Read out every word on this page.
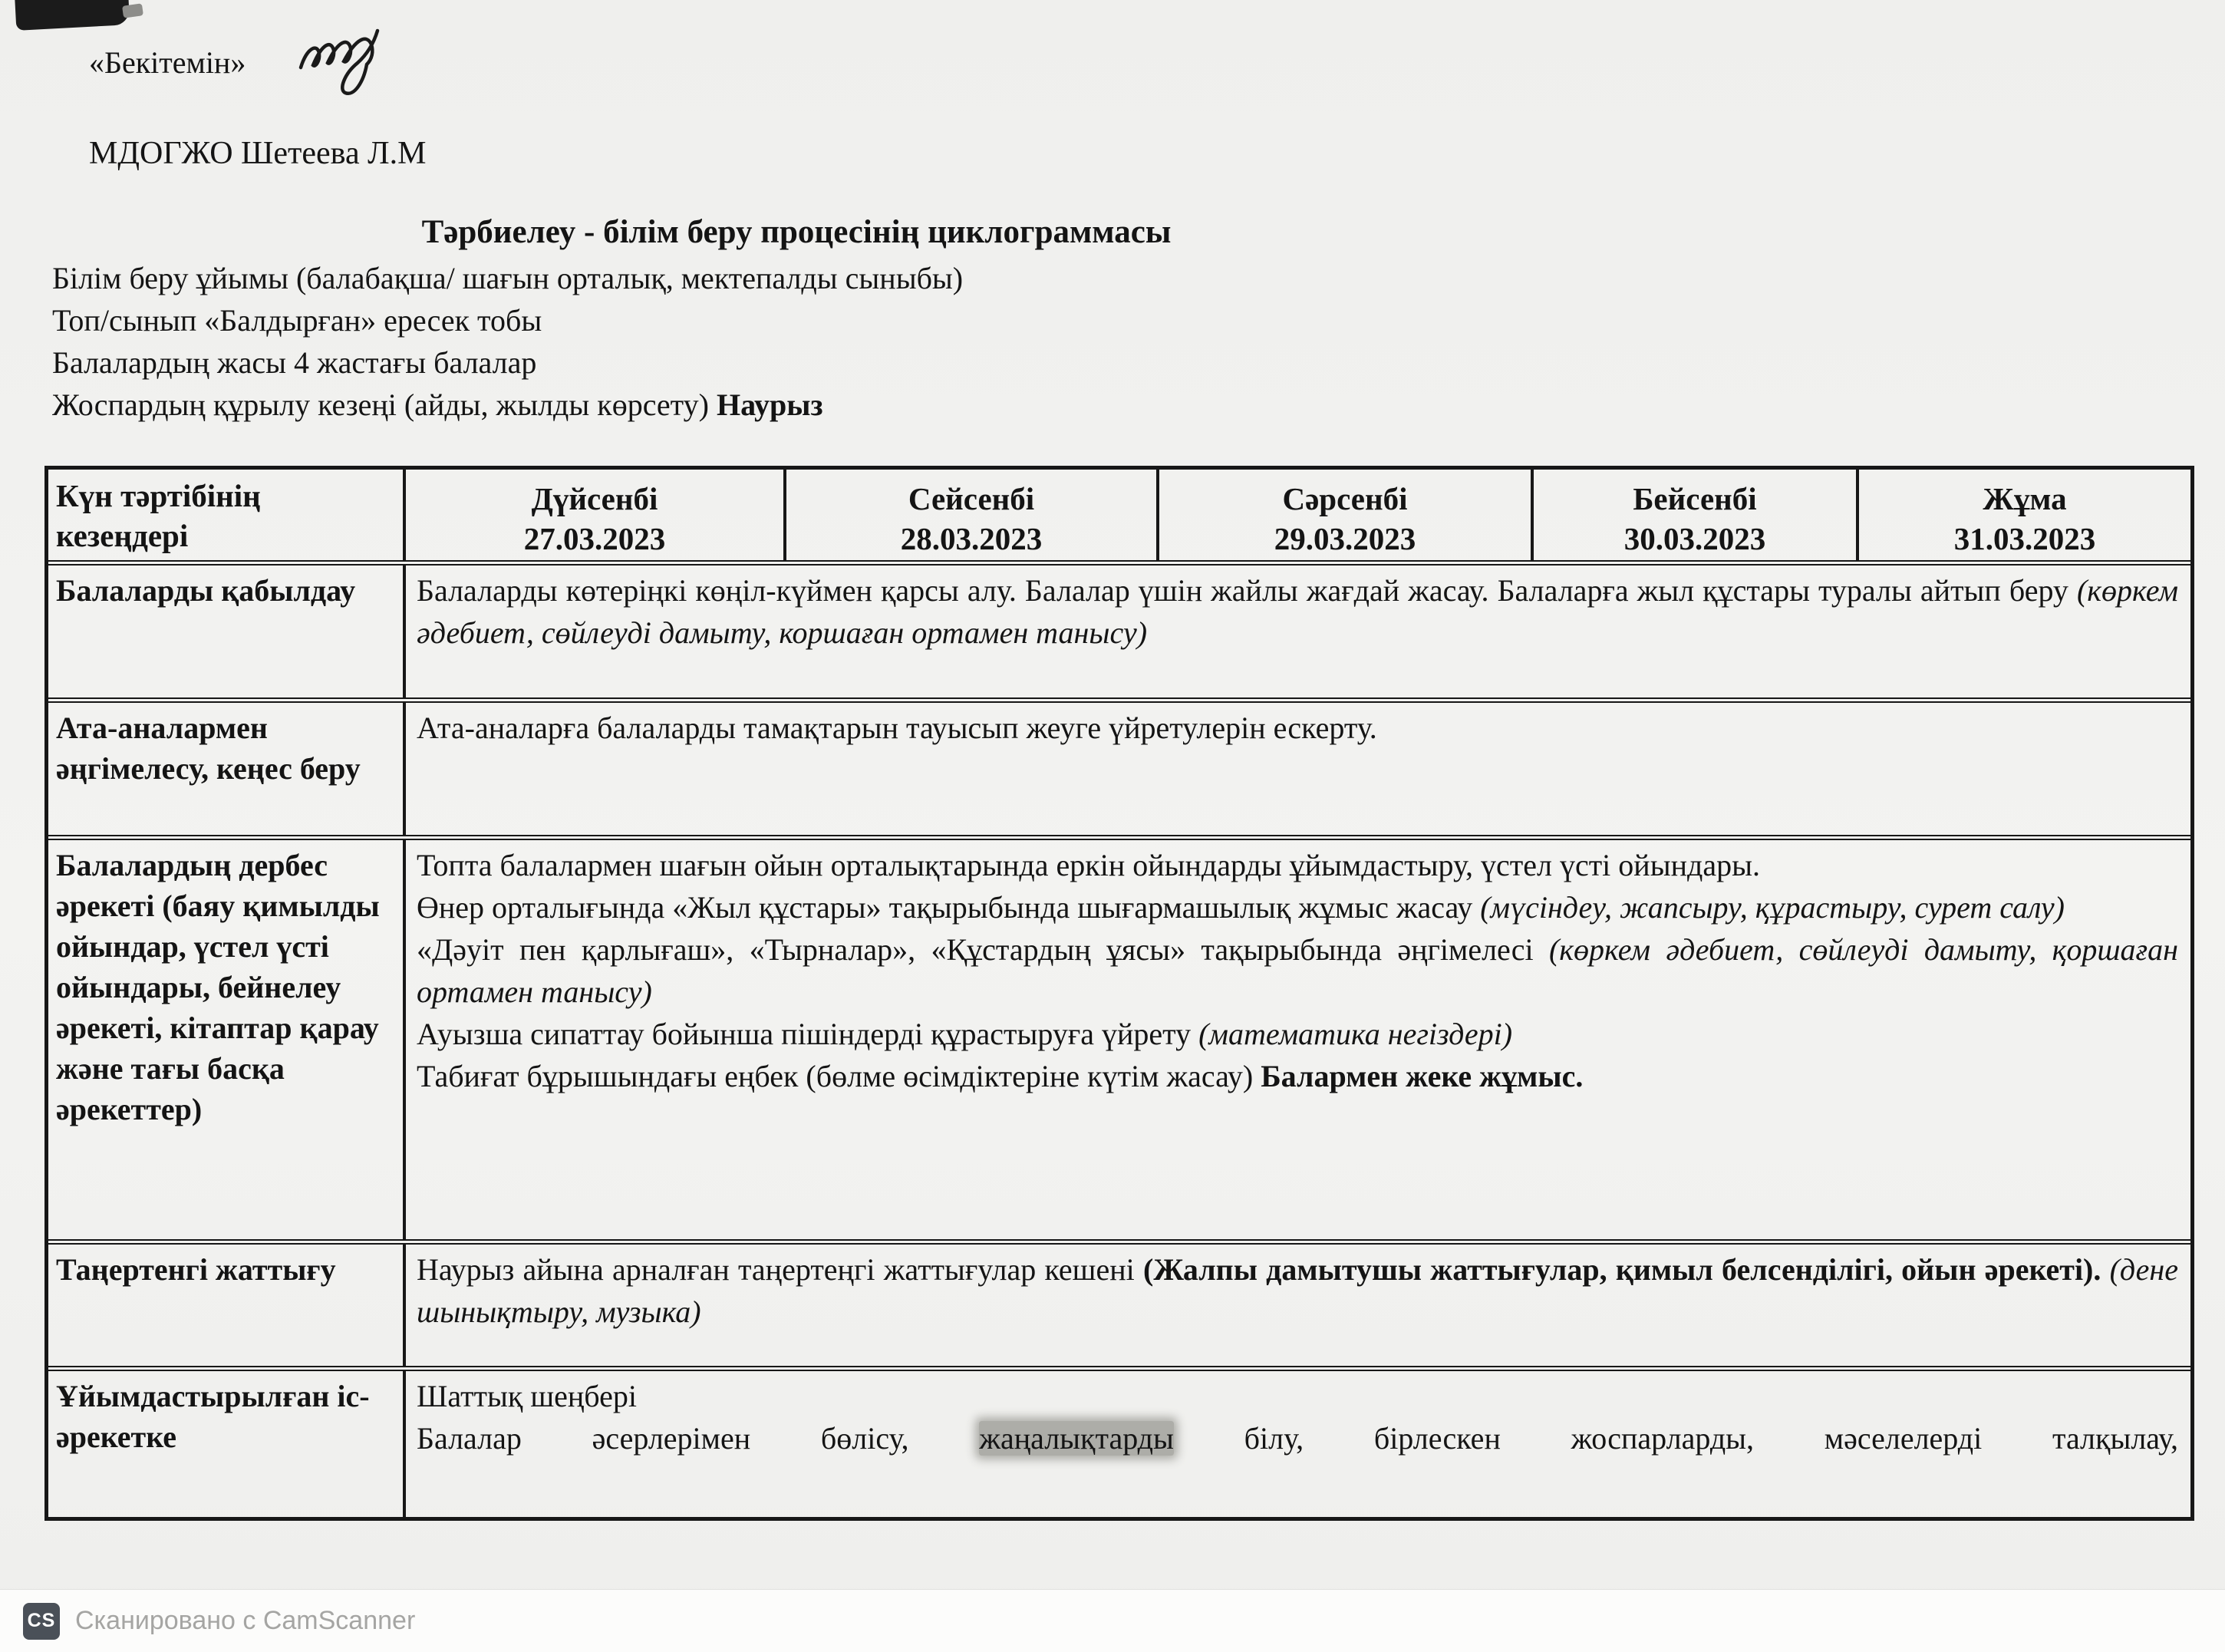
«Бекітемін»
МДОГЖО Шетеева Л.М
Тәрбиелеу - білім беру процесінің циклограммасы

Білім беру ұйымы (балабақша/ шағын орталық, мектепалды сыныбы)

Топ/сынып «Балдырған» ересек тобы

Балалардың жасы 4 жастағы балалар

Жоспардың құрылу кезеңі (айды, жылды көрсету) Наурыз

Күн тәртібінің кезеңдері
Дүйсенбі
27.03.2023
Сейсенбі
28.03.2023
Сәрсенбі
29.03.2023
Бейсенбі
30.03.2023
Жұма
31.03.2023
Балаларды қабылдау	Балаларды көтеріңкі көңіл-күймен қарсы алу. Балалар үшін жайлы жағдай жасау. Балаларға жыл құстары туралы айтып беру (көркем әдебиет, сөйлеуді дамыту, коршаған ортамен танысу)

Ата-аналармен әңгімелесу, кеңес беру

Ата-аналарға балаларды тамақтарын тауысып жеуге үйретулерін ескерту.

Балалардың дербес әрекеті (баяу қимылды ойындар, үстел үсті ойындары, бейнелеу әрекеті, кітаптар қарау және тағы басқа әрекеттер)

Топта балалармен шағын ойын орталықтарында еркін ойындарды ұйымдастыру, үстел үсті ойындары.

Өнер орталығында «Жыл құстары» тақырыбында шығармашылық жұмыс жасау (мүсіндеу, жапсыру, құрастыру, сурет салу)

«Дәуіт пен қарлығаш», «Тырналар», «Құстардың ұясы» тақырыбында әңгімелесі (көркем әдебиет, сөйлеуді дамыту, қоршаған ортамен танысу)

Ауызша сипаттау бойынша пішіндерді құрастыруға үйрету (математика негіздері)

Табиғат бұрышындағы еңбек (бөлме өсімдіктеріне күтім жасау) Балармен жеке жұмыс.

Таңертенгі жаттығу	Наурыз айына арналған таңертеңгі жаттығулар кешені (Жалпы дамытушы жаттығулар, қимыл белсенділігі, ойын әрекеті). (дене шынықтыру, музыка)

Ұйымдастырылған іс-әрекетке

Шаттық шеңбері

Балалар әсерлерімен бөлісу, жаңалықтарды білу, бірлескен жоспарларды, мәселелерді талқылау,

CS Сканировано с CamScanner
